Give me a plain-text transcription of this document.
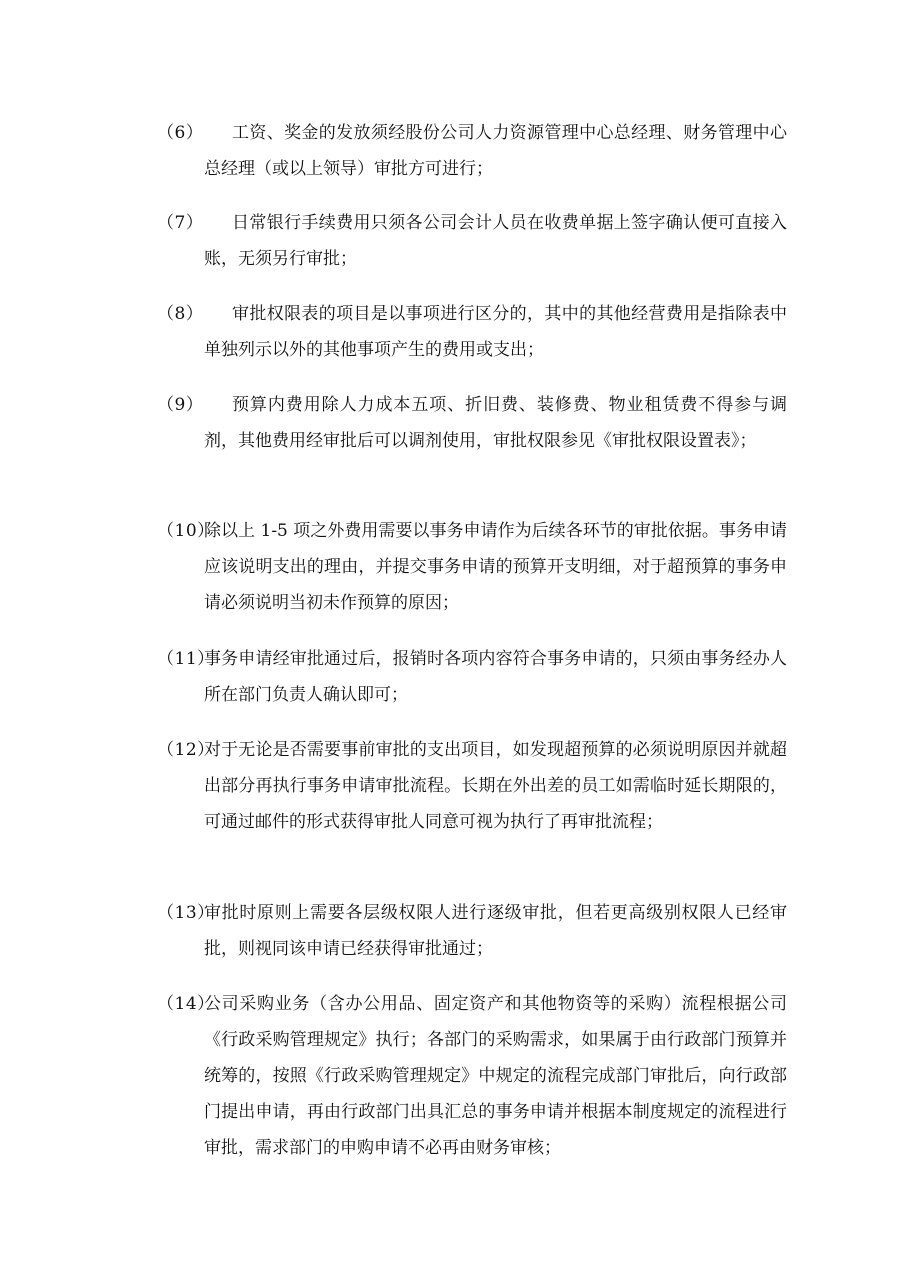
（6）	工资、奖金的发放须经股份公司人力资源管理中心总经理、财务管理中心总经理（或以上领导）审批方可进行；

（7）	日常银行手续费用只须各公司会计人员在收费单据上签字确认便可直接入账，无须另行审批；

（8）	审批权限表的项目是以事项进行区分的，其中的其他经营费用是指除表中单独列示以外的其他事项产生的费用或支出；

（9）	预算内费用除人力成本五项、折旧费、装修费、物业租赁费不得参与调剂，其他费用经审批后可以调剂使用，审批权限参见《审批权限设置表》；

（10）

除以上 1-5 项之外费用需要以事务申请作为后续各环节的审批依据。事务申请应该说明支出的理由，并提交事务申请的预算开支明细，对于超预算的事务申请必须说明当初未作预算的原因；

（11）

事务申请经审批通过后，报销时各项内容符合事务申请的，只须由事务经办人所在部门负责人确认即可；

（12）

对于无论是否需要事前审批的支出项目，如发现超预算的必须说明原因并就超出部分再执行事务申请审批流程。长期在外出差的员工如需临时延长期限的，可通过邮件的形式获得审批人同意可视为执行了再审批流程；

（13）

审批时原则上需要各层级权限人进行逐级审批，但若更高级别权限人已经审批，则视同该申请已经获得审批通过；

（14）

公司采购业务（含办公用品、固定资产和其他物资等的采购）流程根据公司《行政采购管理规定》执行；各部门的采购需求，如果属于由行政部门预算并统筹的，按照《行政采购管理规定》中规定的流程完成部门审批后，向行政部门提出申请，再由行政部门出具汇总的事务申请并根据本制度规定的流程进行审批，需求部门的申购申请不必再由财务审核；
